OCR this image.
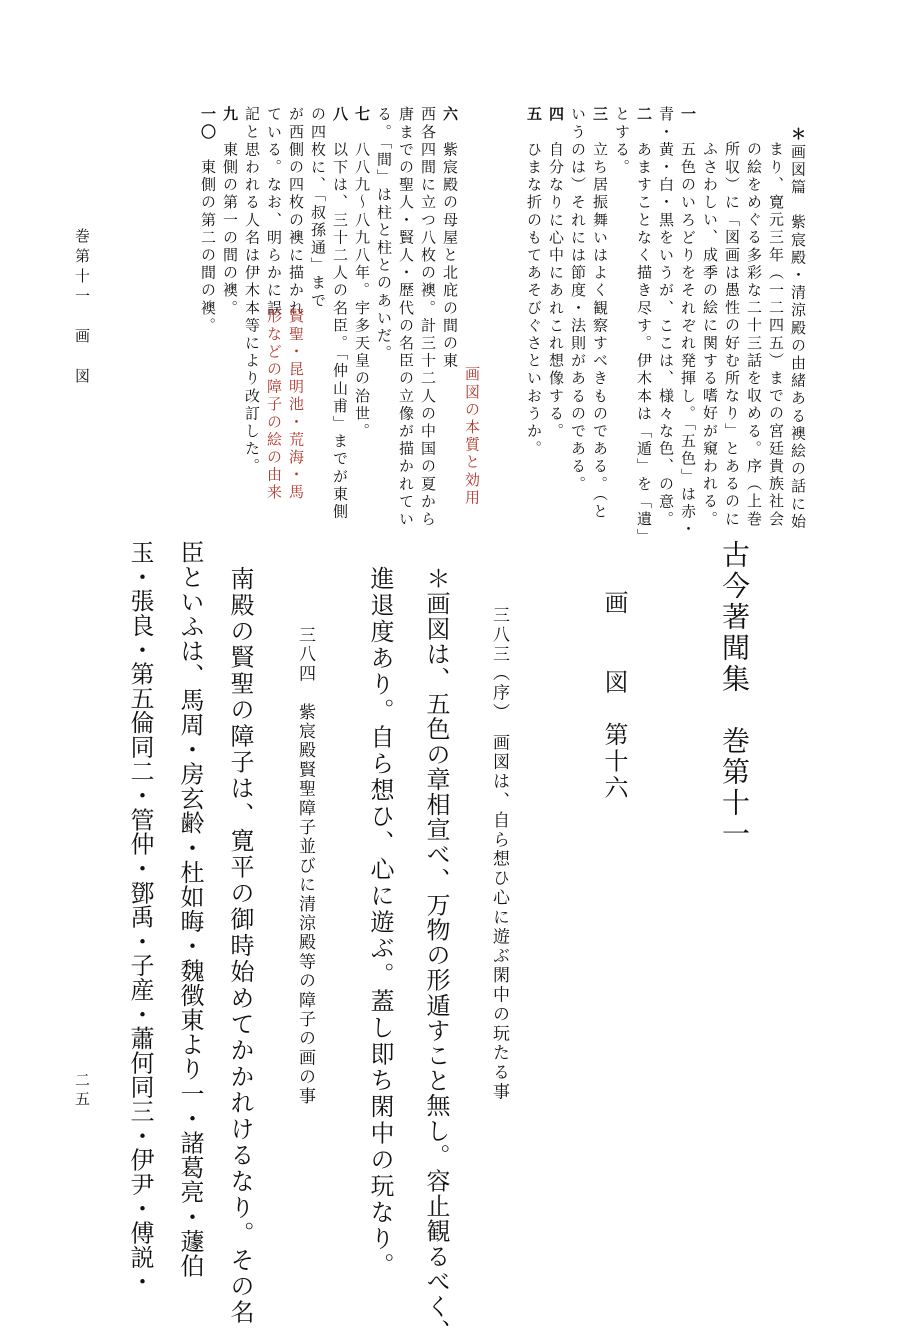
巻第十一　画　図
二五
＊画図篇　紫宸殿・清涼殿の由緒ある襖絵の話に始
まり、寛元三年（一二四五）までの宮廷貴族社会
の絵をめぐる多彩な二十三話を収める。序（上巻
所収）に「図画は愚性の好む所なり」とあるのに
ふさわしい、成季の絵に関する嗜好が窺われる。
一　五色のいろどりをそれぞれ発揮し。「五色」は赤・
青・黄・白・黒をいうが、ここは、様々な色、の意。
二　あますことなく描き尽す。伊木本は「遁」を「遺」
とする。
三　立ち居振舞いはよく観察すべきものである。（と
いうのは）それには節度・法則があるのである。
四　自分なりに心中にあれこれ想像する。
五　ひまな折のもてあそびぐさといおうか。
画図の本質と効用
六　紫宸殿の母屋と北庇の間の東
西各四間に立つ八枚の襖。計三十二人の中国の夏から
唐までの聖人・賢人・歴代の名臣の立像が描かれてい
る。「間」は柱と柱とのあいだ。
七　八八九〜八九八年。宇多天皇の治世。
八　以下は、三十二人の名臣。「仲山甫」までが東側
の四枚に、「叔孫通」まで
が西側の四枚の襖に描かれ
ている。なお、明らかに誤
記と思われる人名は伊木本等により改訂した。 賢聖・昆明池・荒海・馬
形などの障子の絵の由来
九　東側の第一の間の襖。
一〇　東側の第二の間の襖。
古今著聞集　巻第十一
画　　図　第十六
三八三（序）　画図は、自ら想ひ心に遊ぶ閑中の玩たる事
＊画図は、五色の章相宣べ、万物の形遁すこと無し。容止観るべく、
進退度あり。自ら想ひ、心に遊ぶ。蓋し即ち閑中の玩なり。
三八四　紫宸殿賢聖障子並びに清涼殿等の障子の画の事
南殿の賢聖の障子は、寛平の御時始めてかかれけるなり。その名
臣といふは、馬周・房玄齢・杜如晦・魏徴東より一・諸葛亮・蘧伯
玉・張良・第五倫同二・管仲・鄧禹・子産・蕭何同三・伊尹・傅説・
